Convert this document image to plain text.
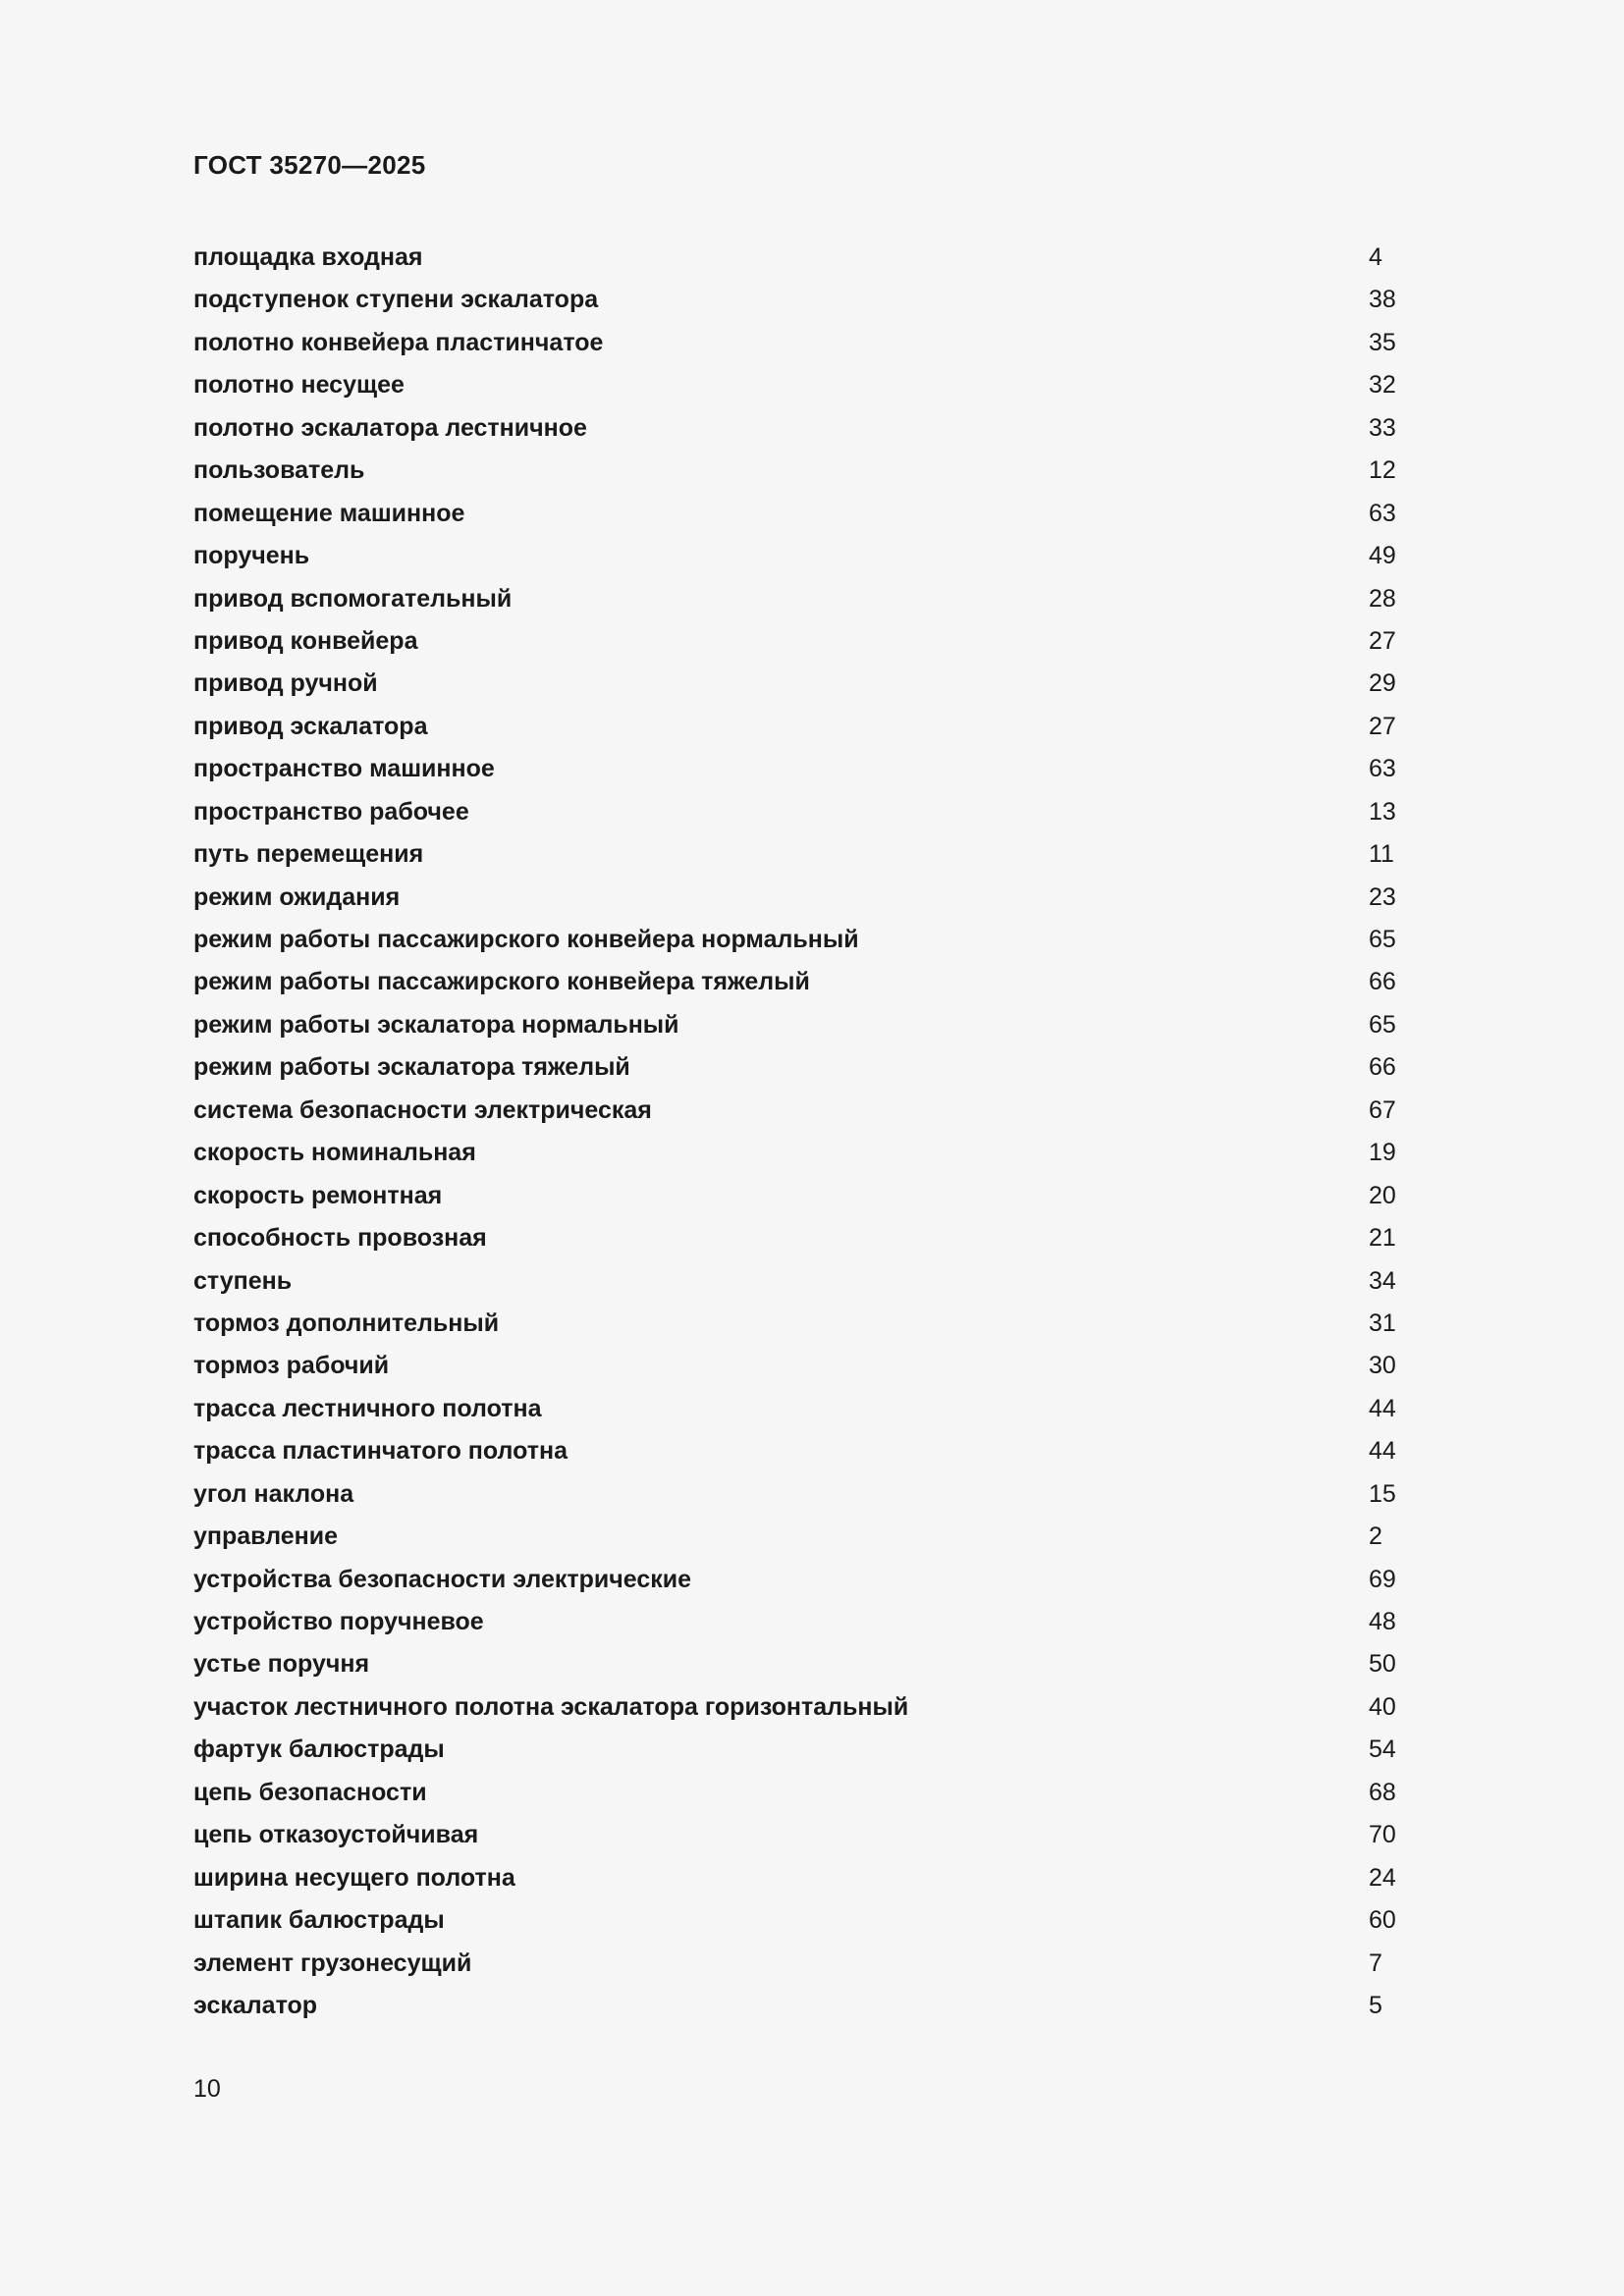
ГОСТ 35270—2025
площадка входная	4
подступенок ступени эскалатора	38
полотно конвейера пластинчатое	35
полотно несущее	32
полотно эскалатора лестничное	33
пользователь	12
помещение машинное	63
поручень	49
привод вспомогательный	28
привод конвейера	27
привод ручной	29
привод эскалатора	27
пространство машинное	63
пространство рабочее	13
путь перемещения	11
режим ожидания	23
режим работы пассажирского конвейера нормальный	65
режим работы пассажирского конвейера тяжелый	66
режим работы эскалатора нормальный	65
режим работы эскалатора тяжелый	66
система безопасности электрическая	67
скорость номинальная	19
скорость ремонтная	20
способность провозная	21
ступень	34
тормоз дополнительный	31
тормоз рабочий	30
трасса лестничного полотна	44
трасса пластинчатого полотна	44
угол наклона	15
управление	2
устройства безопасности электрические	69
устройство поручневое	48
устье поручня	50
участок лестничного полотна эскалатора горизонтальный	40
фартук балюстрады	54
цепь безопасности	68
цепь отказоустойчивая	70
ширина несущего полотна	24
штапик балюстрады	60
элемент грузонесущий	7
эскалатор	5

10
